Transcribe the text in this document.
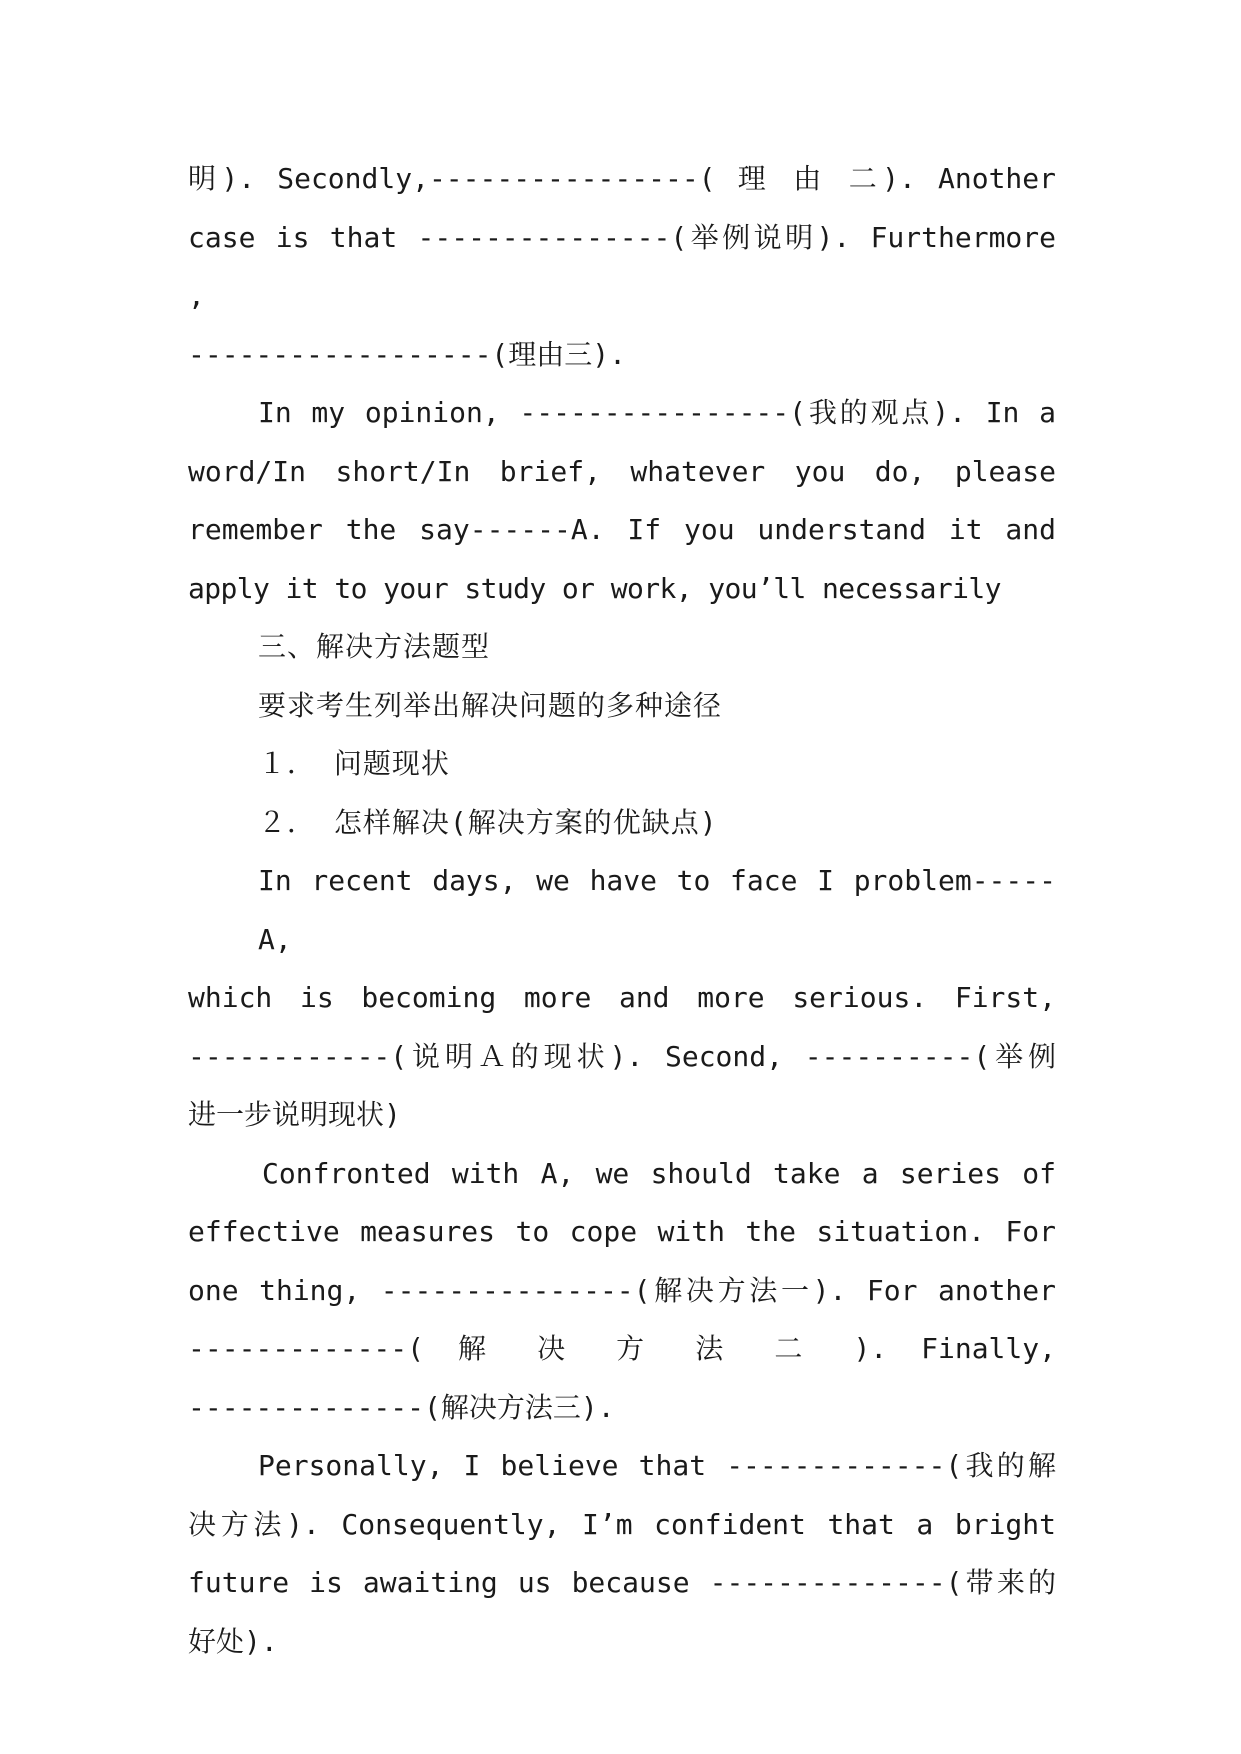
明). Secondly,----------------( 理 由 二). Another

case is that ---------------(举例说明). Furthermore ,

------------------(理由三).

In my opinion, ----------------(我的观点). In a

word/In short/In brief, whatever you do, please

remember the say------A. If you understand it and

apply it to your study or work, you’ll necessarily

三、解决方法题型

要求考生列举出解决问题的多种途径

１． 问题现状

２． 怎样解决(解决方案的优缺点)

In recent days, we have to face I problem-----A,

which is becoming more and more serious. First,

------------(说明Ａ的现状). Second, ----------(举例

进一步说明现状)

Confronted with A, we should take a series of

effective measures to cope with the situation. For

one thing, ---------------(解决方法一). For another

-------------( 解 决 方 法 二 ). Finally,

--------------(解决方法三).

Personally, I believe that -------------(我的解

决方法). Consequently, I’m confident that a bright

future is awaiting us because --------------(带来的

好处).
